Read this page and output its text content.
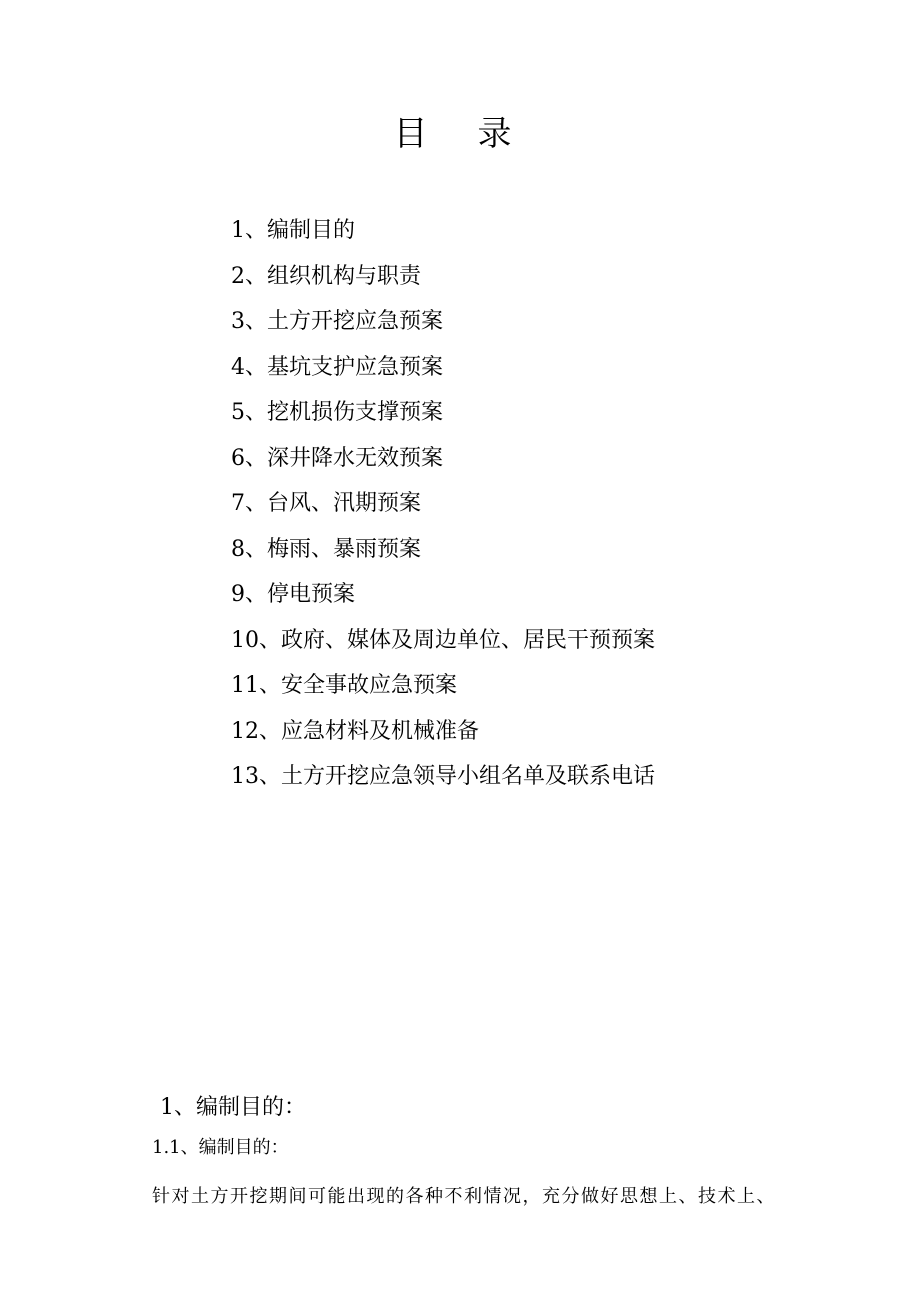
目录
1、编制目的
2、组织机构与职责
3、土方开挖应急预案
4、基坑支护应急预案
5、挖机损伤支撑预案
6、深井降水无效预案
7、台风、汛期预案
8、梅雨、暴雨预案
9、停电预案
10、政府、媒体及周边单位、居民干预预案
11、安全事故应急预案
12、应急材料及机械准备
13、土方开挖应急领导小组名单及联系电话
1、编制目的：

1.1、编制目的：

针对土方开挖期间可能出现的各种不利情况，充分做好思想上、技术上、
